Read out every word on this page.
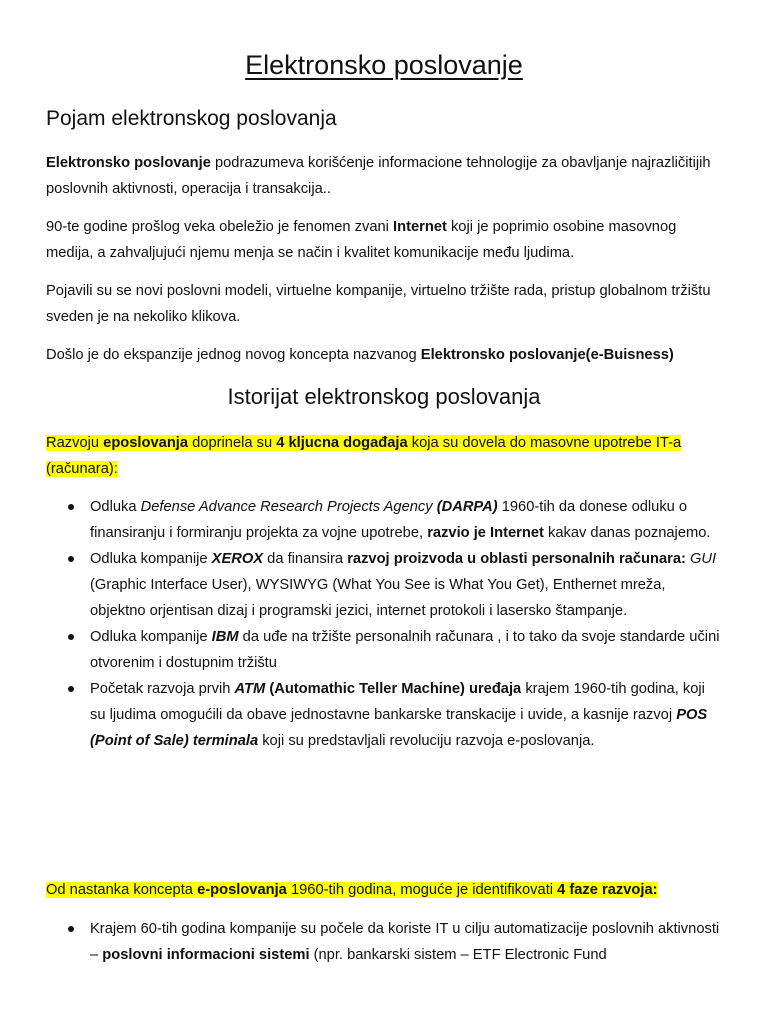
Elektronsko poslovanje
Pojam elektronskog poslovanja
Elektronsko poslovanje podrazumeva korišćenje informacione tehnologije za obavljanje najrazličitijih poslovnih aktivnosti, operacija i transakcija..
90-te godine prošlog veka obeležio je fenomen zvani Internet koji je poprimio osobine masovnog medija, a zahvaljujući njemu menja se način i kvalitet komunikacije među ljudima.
Pojavili su se novi poslovni modeli, virtuelne kompanije, virtuelno tržište rada, pristup globalnom tržištu sveden je na nekoliko klikova.
Došlo je do ekspanzije jednog novog koncepta nazvanog Elektronsko poslovanje(e-Buisness)
Istorijat elektronskog poslovanja
Razvoju eposlovanja doprinela su 4 kljucna događaja koja su dovela do masovne upotrebe IT-a (računara):
Odluka Defense Advance Research Projects Agency (DARPA) 1960-tih da donese odluku o finansiranju i formiranju projekta za vojne upotrebe, razvio je Internet kakav danas poznajemo.
Odluka kompanije XEROX da finansira razvoj proizvoda u oblasti personalnih računara: GUI (Graphic Interface User), WYSIWYG (What You See is What You Get), Enthernet mreža, objektno orjentisan dizaj i programski jezici, internet protokoli i lasersko štampanje.
Odluka kompanije IBM da uđe na tržište personalnih računara , i to tako da svoje standarde učini otvorenim i dostupnim tržištu
Početak razvoja prvih ATM (Automathic Teller Machine) uređaja krajem 1960-tih godina, koji su ljudima omogućili da obave jednostavne bankarske transkacije i uvide, a kasnije razvoj POS (Point of Sale) terminala koji su predstavljali revoluciju razvoja e-poslovanja.
Od nastanka koncepta e-poslovanja 1960-tih godina, moguće je identifikovati 4 faze razvoja:
Krajem 60-tih godina kompanije su počele da koriste IT u cilju automatizacije poslovnih aktivnosti – poslovni informacioni sistemi (npr. bankarski sistem – ETF Electronic Fund
